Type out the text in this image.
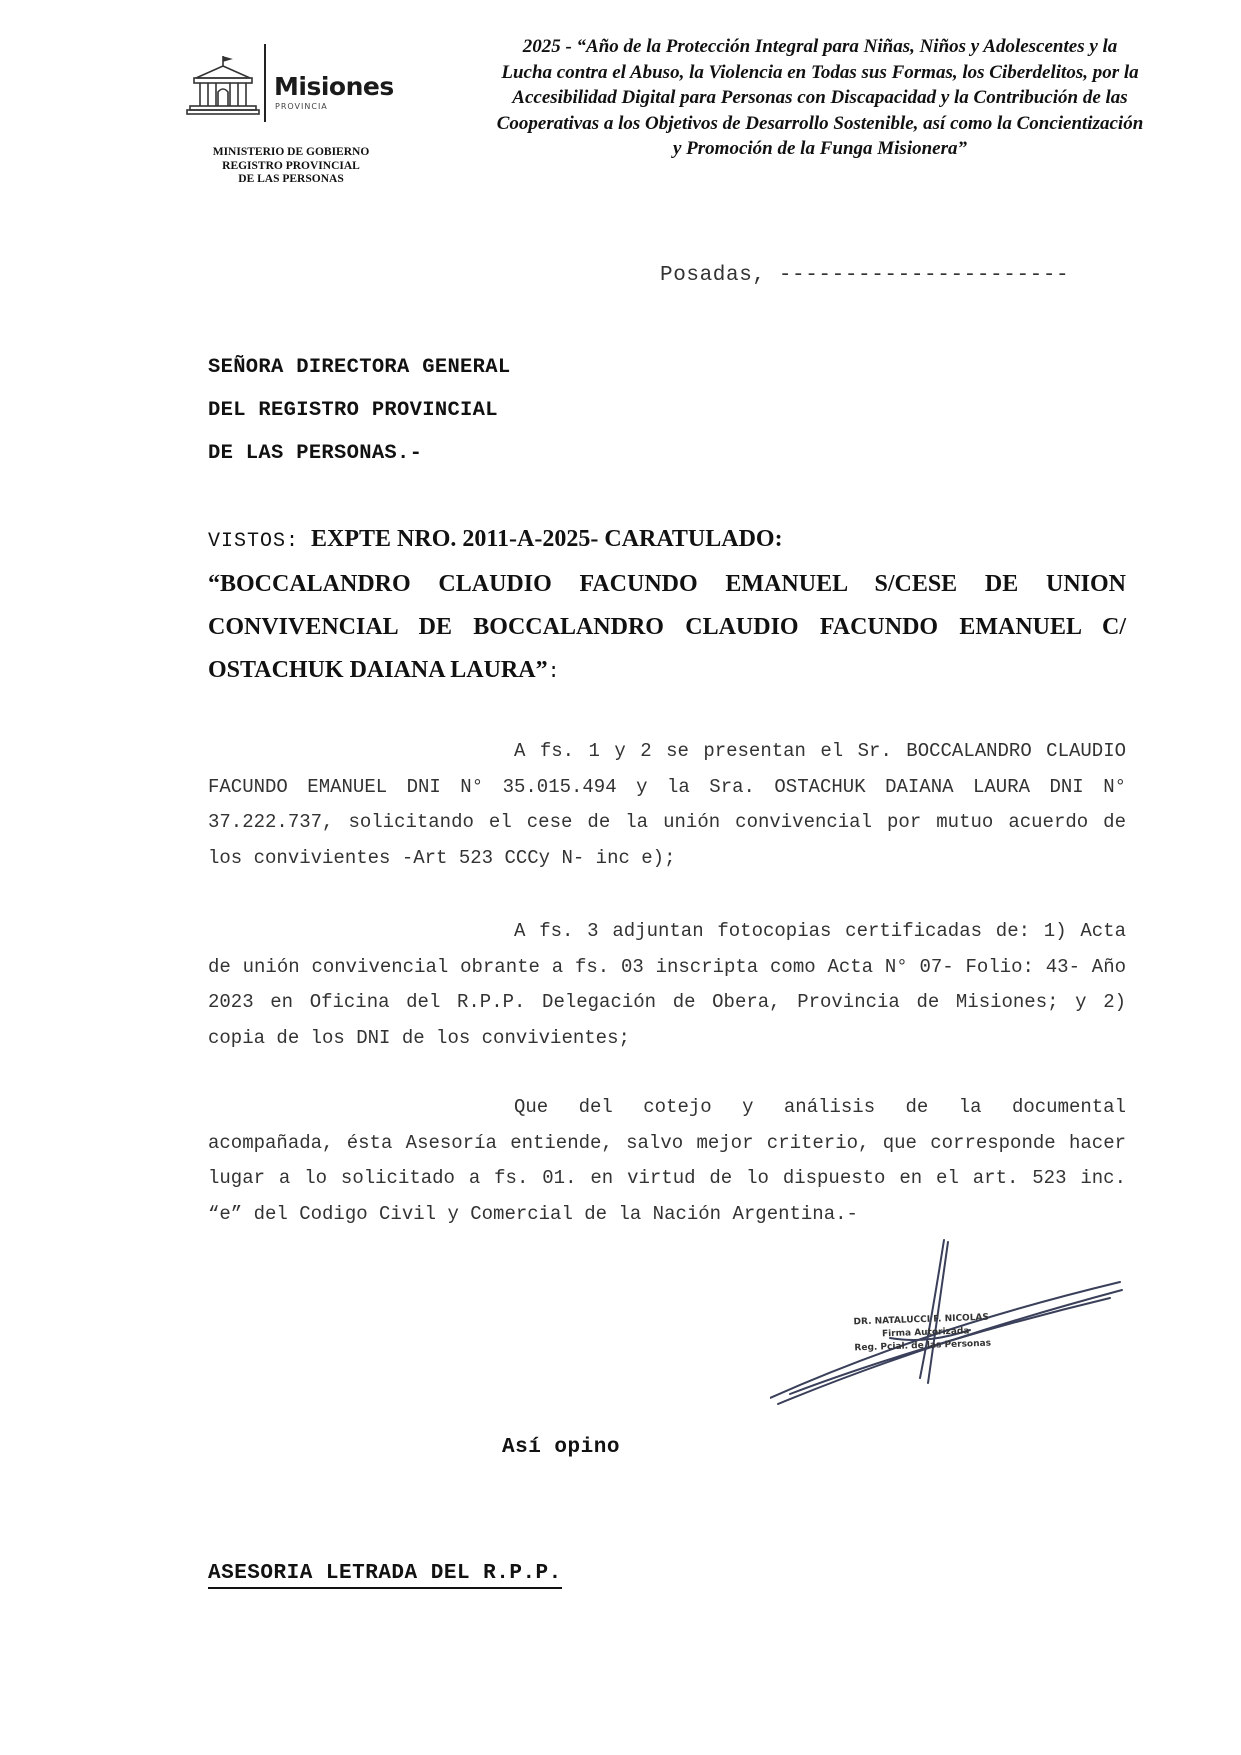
Misiones
PROVINCIA
MINISTERIO DE GOBIERNO
REGISTRO PROVINCIAL
DE LAS PERSONAS
2025 - “Año de la Protección Integral para Niñas, Niños y Adolescentes y la
Lucha contra el Abuso, la Violencia en Todas sus Formas, los Ciberdelitos, por la
Accesibilidad Digital para Personas con Discapacidad y la Contribución de las
Cooperativas a los Objetivos de Desarrollo Sostenible, así como la Concientización
y Promoción de la Funga Misionera”
Posadas, ----------------------
SEÑORA DIRECTORA GENERAL
DEL REGISTRO PROVINCIAL
DE LAS PERSONAS.-
VISTOS: EXPTE NRO. 2011-A-2025- CARATULADO:
“BOCCALANDRO CLAUDIO FACUNDO EMANUEL S/CESE DE UNION
CONVIVENCIAL DE BOCCALANDRO CLAUDIO FACUNDO EMANUEL C/
OSTACHUK DAIANA LAURA”:
A fs. 1 y 2 se presentan el Sr. BOCCALANDRO CLAUDIO FACUNDO EMANUEL DNI N° 35.015.494 y la Sra. OSTACHUK DAIANA LAURA DNI N° 37.222.737, solicitando el cese de la unión convivencial por mutuo acuerdo de los convivientes -Art 523 CCCy N- inc e);
A fs. 3 adjuntan fotocopias certificadas de: 1) Acta de unión convivencial obrante a fs. 03 inscripta como Acta N° 07- Folio: 43- Año 2023 en Oficina del R.P.P. Delegación de Obera, Provincia de Misiones; y 2) copia de los DNI de los convivientes;
Que del cotejo y análisis de la documental acompañada, ésta Asesoría entiende, salvo mejor criterio, que corresponde hacer lugar a lo solicitado a fs. 01. en virtud de lo dispuesto en el art. 523 inc. “e” del Codigo Civil y Comercial de la Nación Argentina.-
DR. NATALUCCI F. NICOLAS
Firma Autorizada
Reg. Pcial. de las Personas
Así opino
ASESORIA LETRADA DEL R.P.P.
